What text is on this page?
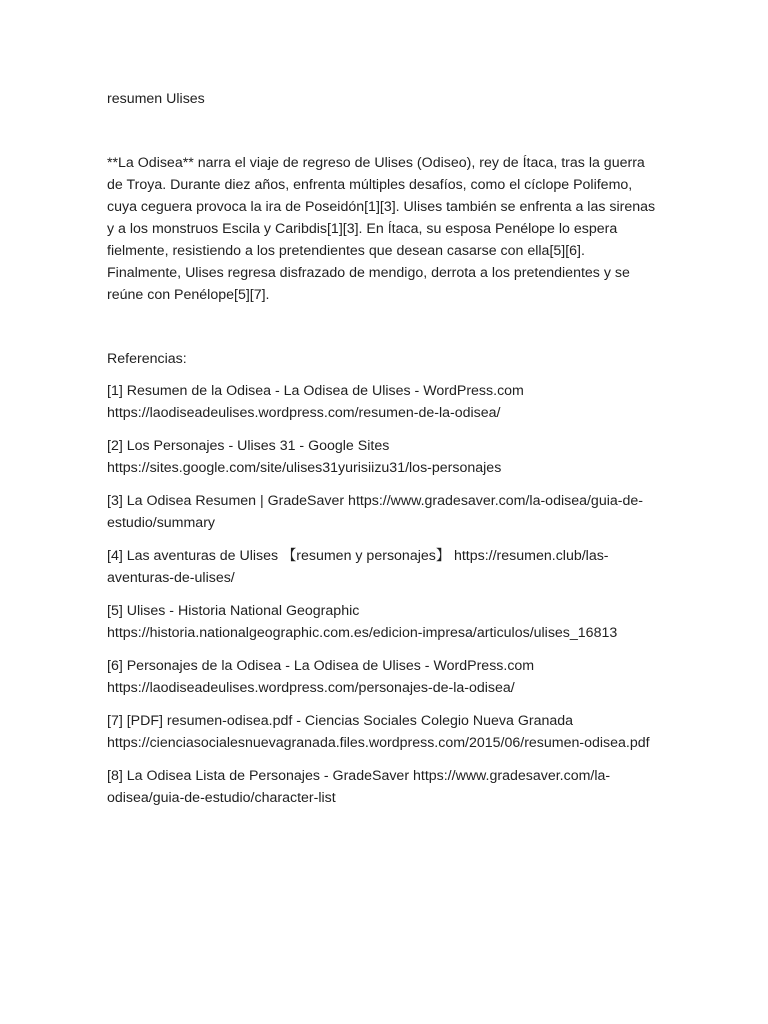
resumen Ulises

**La Odisea** narra el viaje de regreso de Ulises (Odiseo), rey de Ítaca, tras la guerra de Troya. Durante diez años, enfrenta múltiples desafíos, como el cíclope Polifemo, cuya ceguera provoca la ira de Poseidón[1][3]. Ulises también se enfrenta a las sirenas y a los monstruos Escila y Caribdis[1][3]. En Ítaca, su esposa Penélope lo espera fielmente, resistiendo a los pretendientes que desean casarse con ella[5][6]. Finalmente, Ulises regresa disfrazado de mendigo, derrota a los pretendientes y se reúne con Penélope[5][7].

Referencias:

[1] Resumen de la Odisea - La Odisea de Ulises - WordPress.com https://laodiseadeulises.wordpress.com/resumen-de-la-odisea/
[2] Los Personajes - Ulises 31 - Google Sites https://sites.google.com/site/ulises31yurisiizu31/los-personajes
[3] La Odisea Resumen | GradeSaver https://www.gradesaver.com/la-odisea/guia-de-estudio/summary
[4] Las aventuras de Ulises 【resumen y personajes】 https://resumen.club/las-aventuras-de-ulises/
[5] Ulises - Historia National Geographic https://historia.nationalgeographic.com.es/edicion-impresa/articulos/ulises_16813
[6] Personajes de la Odisea - La Odisea de Ulises - WordPress.com https://laodiseadeulises.wordpress.com/personajes-de-la-odisea/
[7] [PDF] resumen-odisea.pdf - Ciencias Sociales Colegio Nueva Granada https://cienciasocialesnuevagranada.files.wordpress.com/2015/06/resumen-odisea.pdf
[8] La Odisea Lista de Personajes - GradeSaver https://www.gradesaver.com/la-odisea/guia-de-estudio/character-list
